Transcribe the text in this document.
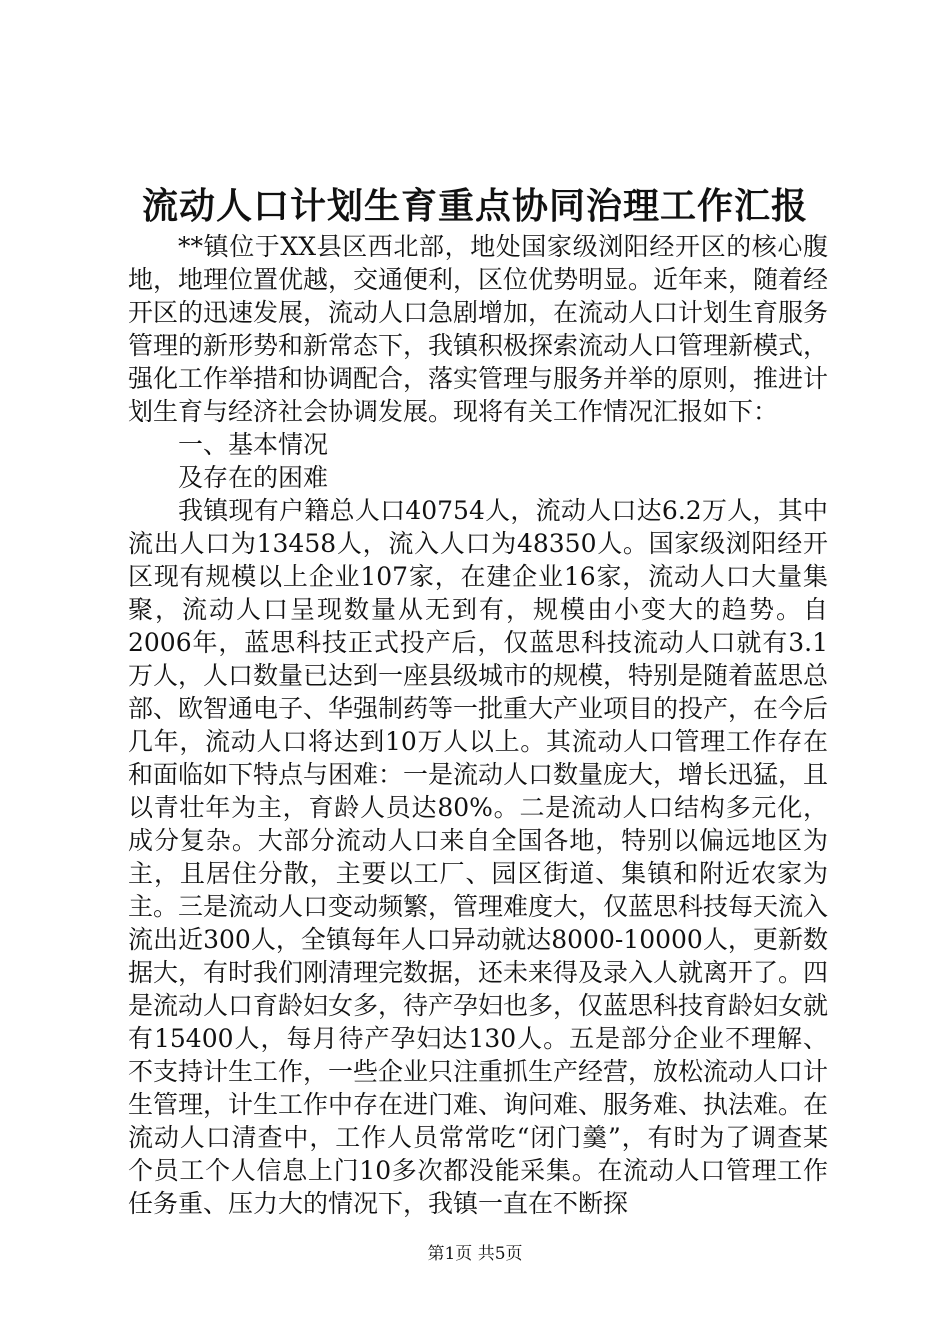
流动人口计划生育重点协同治理工作汇报

**镇位于XX县区西北部，地处国家级浏阳经开区的核心腹地，地理位置优越，交通便利，区位优势明显。近年来，随着经开区的迅速发展，流动人口急剧增加，在流动人口计划生育服务管理的新形势和新常态下，我镇积极探索流动人口管理新模式，强化工作举措和协调配合，落实管理与服务并举的原则，推进计划生育与经济社会协调发展。现将有关工作情况汇报如下：

一、基本情况

及存在的困难

我镇现有户籍总人口40754人，流动人口达6.2万人，其中流出人口为13458人，流入人口为48350人。国家级浏阳经开区现有规模以上企业107家，在建企业16家，流动人口大量集聚，流动人口呈现数量从无到有，规模由小变大的趋势。自2006年，蓝思科技正式投产后，仅蓝思科技流动人口就有3.1万人，人口数量已达到一座县级城市的规模，特别是随着蓝思总部、欧智通电子、华强制药等一批重大产业项目的投产，在今后几年，流动人口将达到10万人以上。其流动人口管理工作存在和面临如下特点与困难：一是流动人口数量庞大，增长迅猛，且以青壮年为主，育龄人员达80%。二是流动人口结构多元化，成分复杂。大部分流动人口来自全国各地，特别以偏远地区为主，且居住分散，主要以工厂、园区街道、集镇和附近农家为主。三是流动人口变动频繁，管理难度大，仅蓝思科技每天流入流出近300人，全镇每年人口异动就达8000-10000人，更新数据大，有时我们刚清理完数据，还未来得及录入人就离开了。四是流动人口育龄妇女多，待产孕妇也多，仅蓝思科技育龄妇女就有15400人，每月待产孕妇达130人。五是部分企业不理解、不支持计生工作，一些企业只注重抓生产经营，放松流动人口计生管理，计生工作中存在进门难、询问难、服务难、执法难。在流动人口清查中，工作人员常常吃“闭门羹”，有时为了调查某个员工个人信息上门10多次都没能采集。在流动人口管理工作任务重、压力大的情况下，我镇一直在不断探

第1页 共5页
